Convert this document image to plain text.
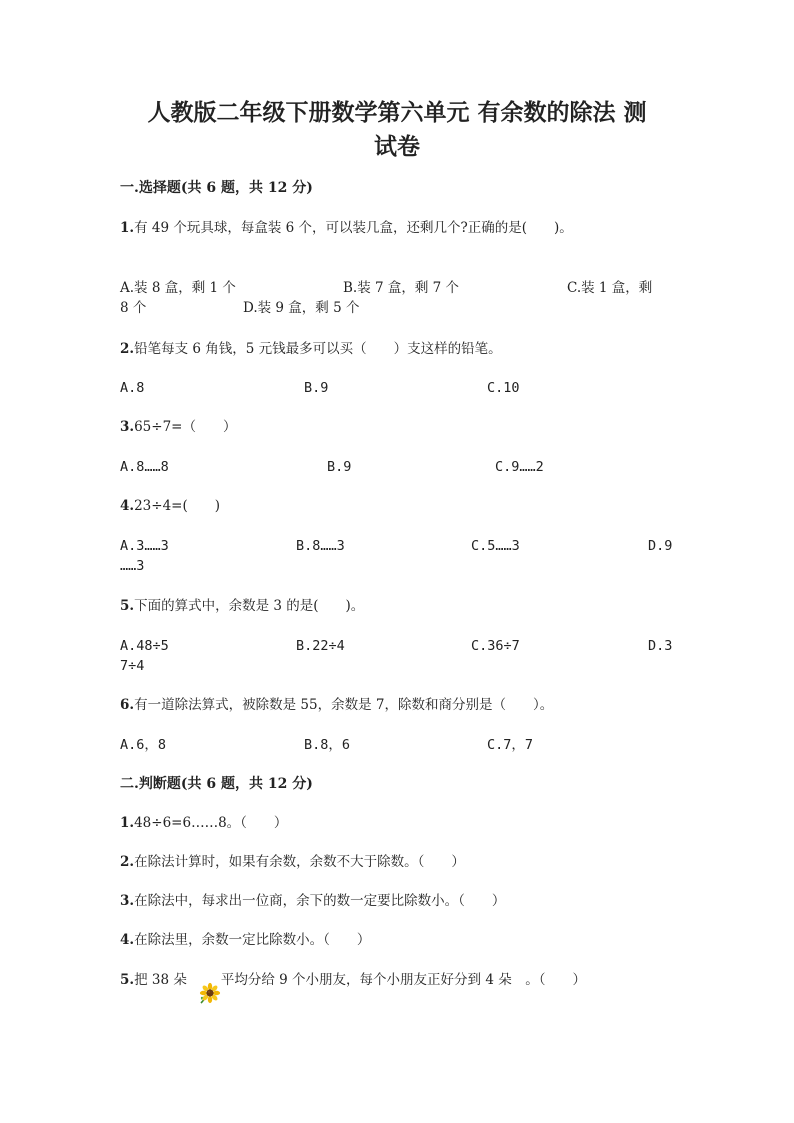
人教版二年级下册数学第六单元 有余数的除法 测
试卷
一.选择题(共 6 题，共 12 分)
1.有 49 个玩具球，每盒装 6 个，可以装几盒，还剩几个?正确的是(　　)。
A.装 8 盒，剩 1 个	B.装 7 盒，剩 7 个	C.装 1 盒，剩
8 个	D.装 9 盒，剩 5 个
2.铅笔每支 6 角钱，5 元钱最多可以买（　　）支这样的铅笔。
A.8	B.9	C.10
3.65÷7=（　　）
A.8……8	B.9	C.9……2
4.23÷4=(　　)
A.3……3	B.8……3	C.5……3	D.9
……3
5.下面的算式中，余数是 3 的是(　　)。
A.48÷5	B.22÷4	C.36÷7	D.3
7÷4
6.有一道除法算式，被除数是 55，余数是 7，除数和商分别是（　　）。
A.6，8	B.8，6	C.7，7
二.判断题(共 6 题，共 12 分)
1.48÷6=6……8。（　　）
2.在除法计算时，如果有余数，余数不大于除数。（　　）
3.在除法中，每求出一位商，余下的数一定要比除数小。（　　）
4.在除法里，余数一定比除数小。（　　）
5.把 38 朵	平均分给 9 个小朋友，每个小朋友正好分到 4 朵　。（　　）
